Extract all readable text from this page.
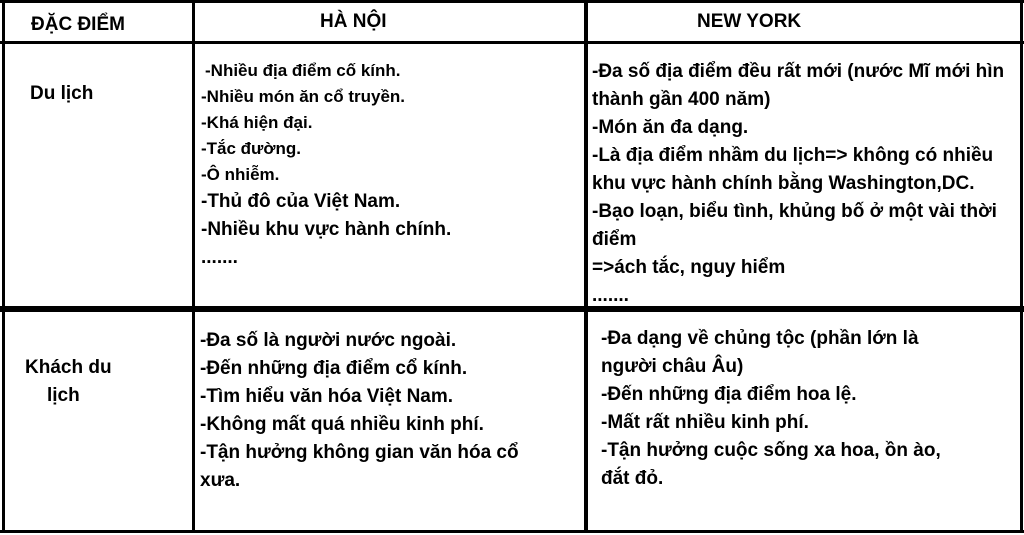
ĐẶC ĐIỂM	HÀ NỘI	NEW YORK
Du lịch
-Nhiều địa điểm cố kính.
-Nhiều món ăn cổ truyền.
-Khá hiện đại.
-Tắc đường.
-Ô nhiễm.
-Thủ đô của Việt Nam.
-Nhiều khu vực hành chính.
.......
-Đa số địa điểm đều rất mới (nước Mĩ mới hìn
thành gần 400 năm)
-Món ăn đa dạng.
-Là địa điểm nhầm du lịch=> không có nhiều
khu vực hành chính bằng Washington,DC.
-Bạo loạn, biểu tình, khủng bố ở một vài thời
điểm
=>ách tắc, nguy hiểm
.......
Khách du
lịch
-Đa số là người nước ngoài.
-Đến những địa điểm cổ kính.
-Tìm hiểu văn hóa Việt Nam.
-Không mất quá nhiều kinh phí.
-Tận hưởng không gian văn hóa cổ
xưa.
-Đa dạng về chủng tộc (phần lớn là
người châu Âu)
-Đến những địa điểm hoa lệ.
-Mất rất nhiều kinh phí.
-Tận hưởng cuộc sống xa hoa, ồn ào,
đắt đỏ.
